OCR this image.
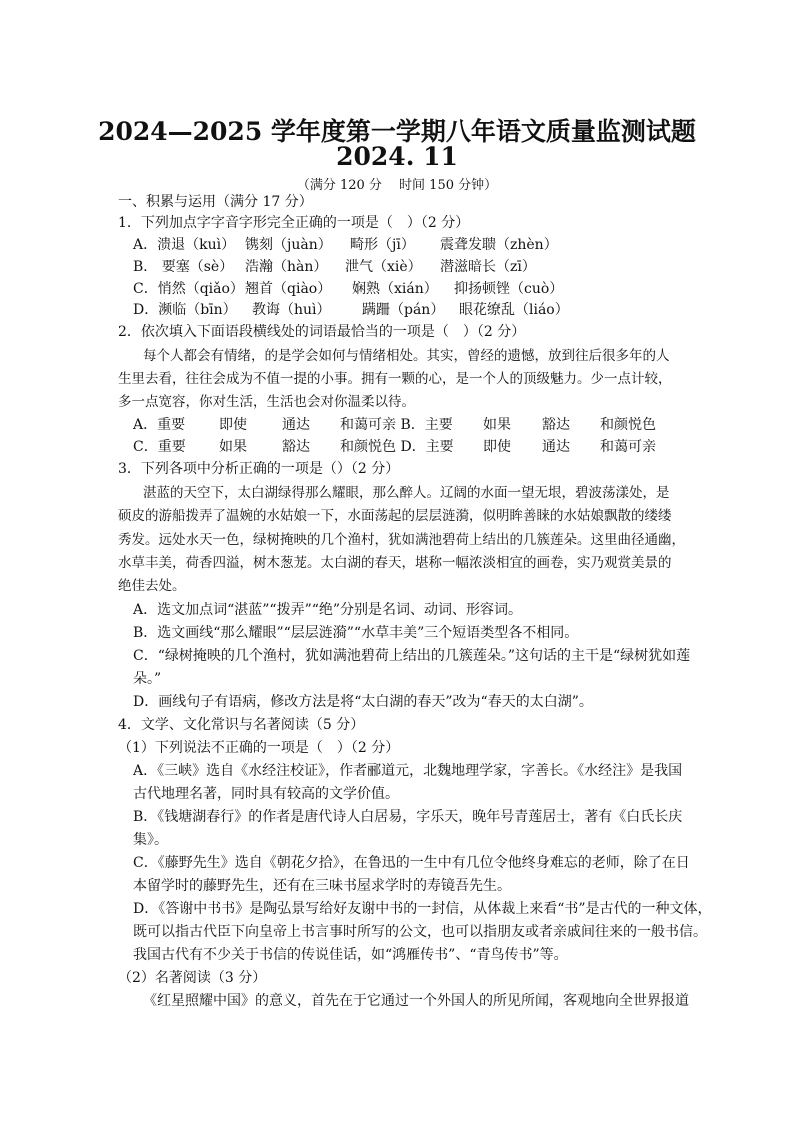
2024—2025 学年度第一学期八年语文质量监测试题
2024. 11
（满分 120 分　 时间 150 分钟）
一、积累与运用（满分 17 分）
1．下列加点字字音字形完全正确的一项是（　）（2 分）
A．溃退（kuì） 镌刻（juàn） 畸形（jī） 震聋发聩（zhèn）
B． 要塞（sè） 浩瀚（hàn） 泄气（xiè） 潜滋暗长（zī）
C．悄然（qiǎo） 翘首（qiào） 娴熟（xián） 抑扬顿锉（cuò）
D．濒临（bīn） 教诲（huì） 蹒跚（pán） 眼花缭乱（liáo）
2．依次填入下面语段横线处的词语最恰当的一项是（　）（2 分）
每个人都会有情绪，的是学会如何与情绪相处。其实，曾经的遗憾，放到往后很多年的人
生里去看，往往会成为不值一提的小事。拥有一颗的心，是一个人的顶级魅力。少一点计较，
多一点宽容，你对生活，生活也会对你温柔以待。
A．重要 即使	通达 和蔼可亲 B．主要 如果 豁达 和颜悦色
C．重要 如果	豁达 和颜悦色 D．主要 即使 通达 和蔼可亲
3．下列各项中分析正确的一项是（）（2 分）
湛蓝的天空下，太白湖绿得那么耀眼，那么醉人。辽阔的水面一望无垠，碧波荡漾处，是
硕皮的游船拨弄了温婉的水姑娘一下，水面荡起的层层涟漪，似明眸善睐的水姑娘飘散的缕缕
秀发。远处水天一色，绿树掩映的几个渔村，犹如满池碧荷上结出的几簇莲朵。这里曲径通幽，
水草丰美，荷香四溢，树木葱茏。太白湖的春天，堪称一幅浓淡相宜的画卷，实乃观赏美景的
绝佳去处。
A．选文加点词“湛蓝”“拨弄”“绝”分别是名词、动词、形容词。
B．选文画线“那么耀眼”“层层涟漪”“水草丰美”三个短语类型各不相同。
C．“绿树掩映的几个渔村，犹如满池碧荷上结出的几簇莲朵。”这句话的主干是“绿树犹如莲
朵。”
D．画线句子有语病，修改方法是将“太白湖的春天”改为“春天的太白湖”。
4．文学、文化常识与名著阅读（5 分）
（1）下列说法不正确的一项是（　）（2 分）
A．《三峡》选自《水经注校证》，作者郦道元，北魏地理学家，字善长。《水经注》是我国
古代地理名著，同时具有较高的文学价值。
B．《钱塘湖春行》的作者是唐代诗人白居易，字乐天，晚年号青莲居士，著有《白氏长庆
集》。
C．《藤野先生》选自《朝花夕拾》，在鲁迅的一生中有几位令他终身难忘的老师，除了在日
本留学时的藤野先生，还有在三味书屋求学时的寿镜吾先生。
D．《答谢中书书》是陶弘景写给好友谢中书的一封信，从体裁上来看“书”是古代的一种文体，
既可以指古代臣下向皇帝上书言事时所写的公文，也可以指朋友或者亲戚间往来的一般书信。
我国古代有不少关于书信的传说佳话，如“鸿雁传书”、“青鸟传书”等。
（2）名著阅读（3 分）
《红星照耀中国》的意义，首先在于它通过一个外国人的所见所闻，客观地向全世界报道
